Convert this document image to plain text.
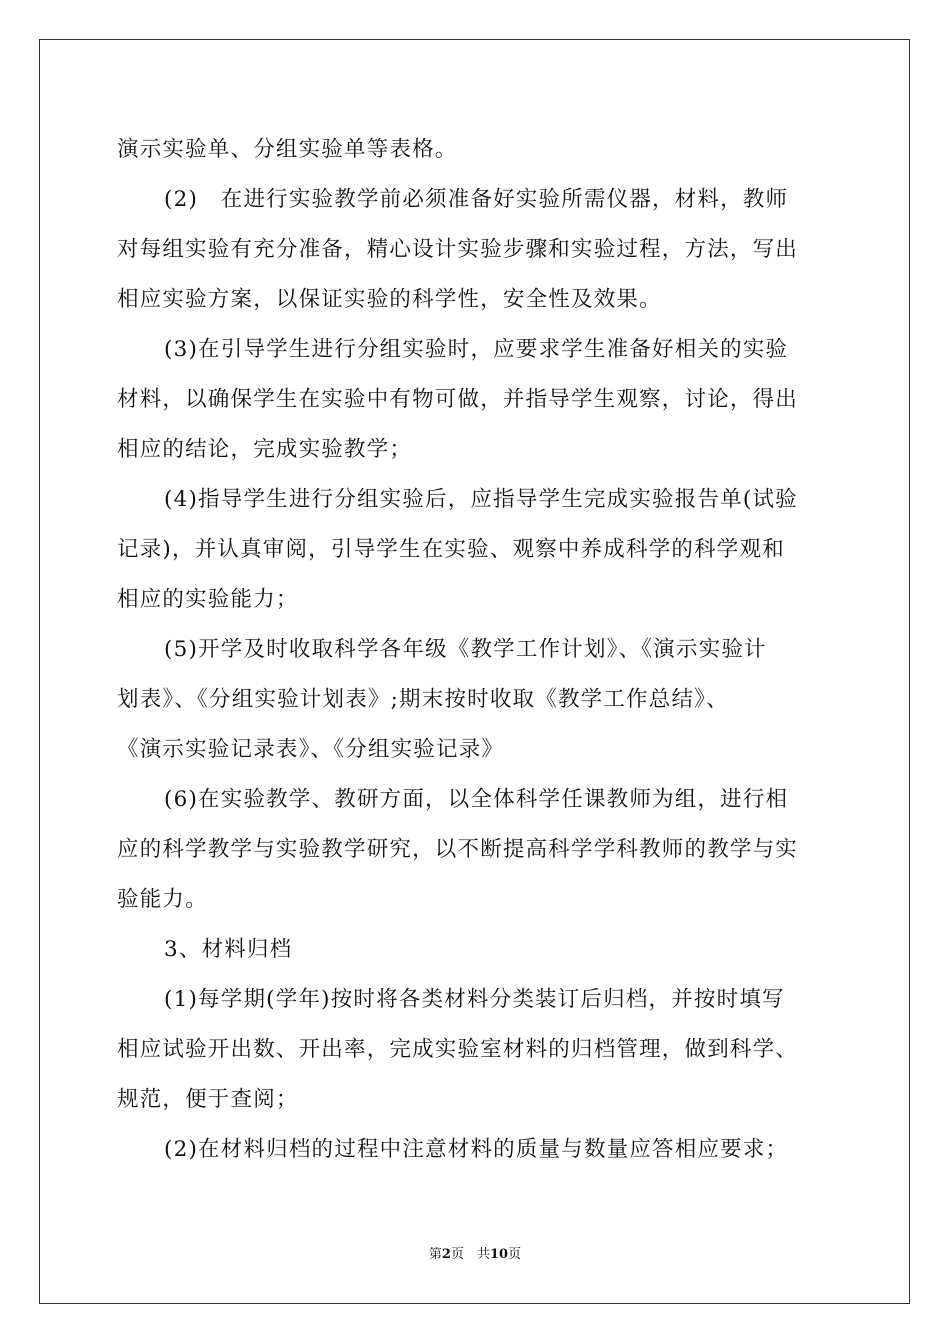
演示实验单、分组实验单等表格。
(2)　在进行实验教学前必须准备好实验所需仪器，材料，教师
对每组实验有充分准备，精心设计实验步骤和实验过程，方法，写出
相应实验方案，以保证实验的科学性，安全性及效果。
(3)在引导学生进行分组实验时，应要求学生准备好相关的实验
材料，以确保学生在实验中有物可做，并指导学生观察，讨论，得出
相应的结论，完成实验教学；
(4)指导学生进行分组实验后，应指导学生完成实验报告单(试验
记录)，并认真审阅，引导学生在实验、观察中养成科学的科学观和
相应的实验能力；
(5)开学及时收取科学各年级《教学工作计划》、《演示实验计
划表》、《分组实验计划表》;期末按时收取《教学工作总结》、
《演示实验记录表》、《分组实验记录》
(6)在实验教学、教研方面，以全体科学任课教师为组，进行相
应的科学教学与实验教学研究，以不断提高科学学科教师的教学与实
验能力。
3、材料归档
(1)每学期(学年)按时将各类材料分类装订后归档，并按时填写
相应试验开出数、开出率，完成实验室材料的归档管理，做到科学、
规范，便于查阅；
(2)在材料归档的过程中注意材料的质量与数量应答相应要求；
第2页　共10页
